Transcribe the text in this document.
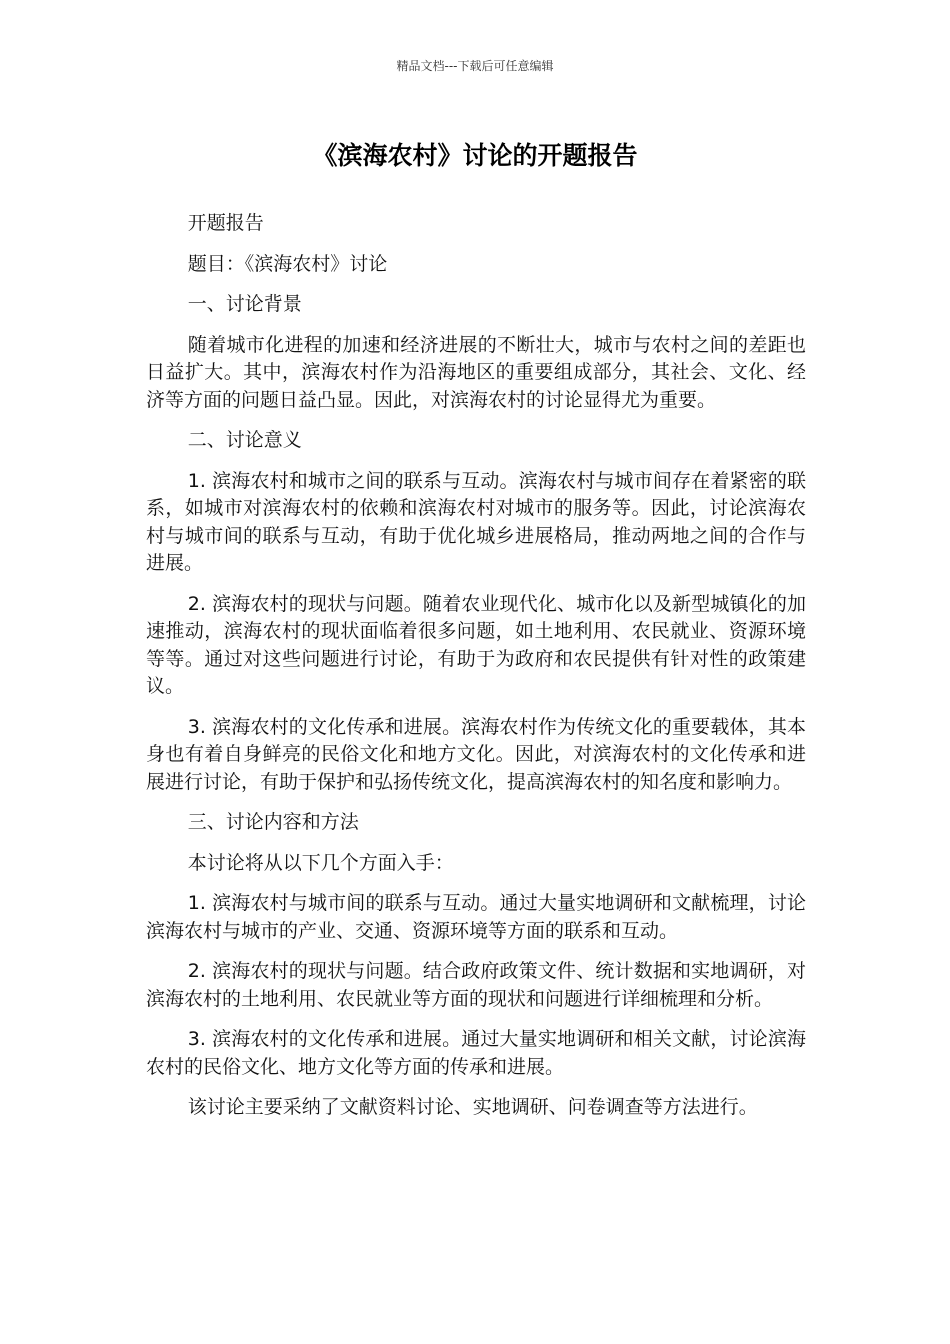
精品文档---下载后可任意编辑
《滨海农村》讨论的开题报告

开题报告

题目：《滨海农村》讨论

一、讨论背景

随着城市化进程的加速和经济进展的不断壮大，城市与农村之间的差距也日益扩大。其中，滨海农村作为沿海地区的重要组成部分，其社会、文化、经济等方面的问题日益凸显。因此，对滨海农村的讨论显得尤为重要。

二、讨论意义

1. 滨海农村和城市之间的联系与互动。滨海农村与城市间存在着紧密的联系，如城市对滨海农村的依赖和滨海农村对城市的服务等。因此，讨论滨海农村与城市间的联系与互动，有助于优化城乡进展格局，推动两地之间的合作与进展。

2. 滨海农村的现状与问题。随着农业现代化、城市化以及新型城镇化的加速推动，滨海农村的现状面临着很多问题，如土地利用、农民就业、资源环境等等。通过对这些问题进行讨论，有助于为政府和农民提供有针对性的政策建议。

3. 滨海农村的文化传承和进展。滨海农村作为传统文化的重要载体，其本身也有着自身鲜亮的民俗文化和地方文化。因此，对滨海农村的文化传承和进展进行讨论，有助于保护和弘扬传统文化，提高滨海农村的知名度和影响力。

三、讨论内容和方法

本讨论将从以下几个方面入手：

1. 滨海农村与城市间的联系与互动。通过大量实地调研和文献梳理，讨论滨海农村与城市的产业、交通、资源环境等方面的联系和互动。

2. 滨海农村的现状与问题。结合政府政策文件、统计数据和实地调研，对滨海农村的土地利用、农民就业等方面的现状和问题进行详细梳理和分析。

3. 滨海农村的文化传承和进展。通过大量实地调研和相关文献，讨论滨海农村的民俗文化、地方文化等方面的传承和进展。

该讨论主要采纳了文献资料讨论、实地调研、问卷调查等方法进行。
